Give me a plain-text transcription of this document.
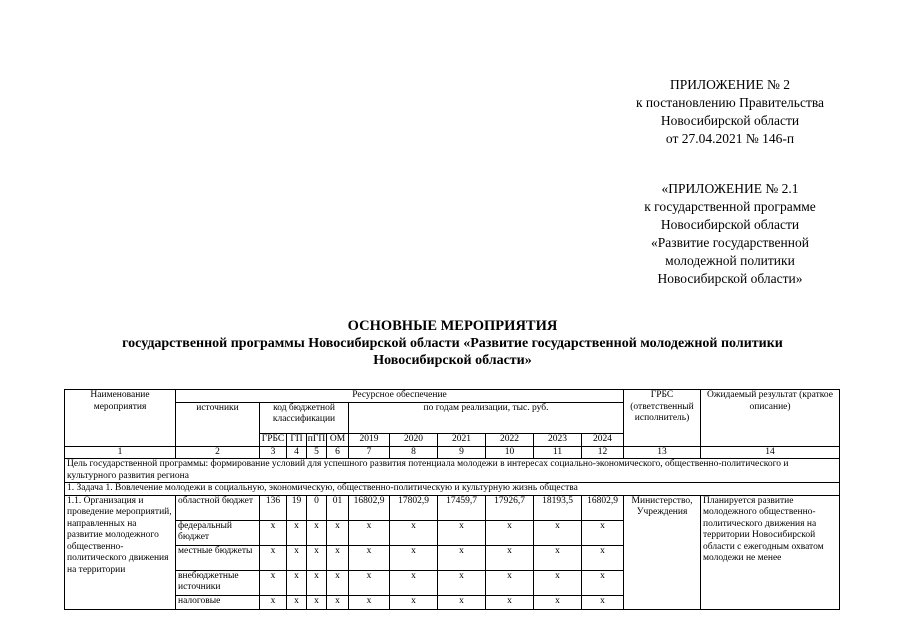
ПРИЛОЖЕНИЕ № 2
к постановлению Правительства
Новосибирской области
от 27.04.2021 № 146-п
«ПРИЛОЖЕНИЕ № 2.1
к государственной программе
Новосибирской области
«Развитие государственной
молодежной политики
Новосибирской области»
ОСНОВНЫЕ МЕРОПРИЯТИЯ
государственной программы Новосибирской области «Развитие государственной молодежной политики
Новосибирской области»
Наименование мероприятия	Ресурсное обеспечение											ГРБС (ответственный исполнитель)	Ожидаемый результат (краткое описание)
	источники	код бюджетной классификации				по годам реализации, тыс. руб.							
		ГРБС	ГП	пГП	ОМ	2019	2020	2021	2022	2023	2024		
1	2	3	4	5	6	7	8	9	10	11	12	13	14
Цель государственной программы: формирование условий для успешного развития потенциала молодежи в интересах социально-экономического, общественно-политического и культурного развития региона													
1. Задача 1. Вовлечение молодежи в социальную, экономическую, общественно-политическую и культурную жизнь общества													
1.1. Организация и проведение мероприятий, направленных на развитие молодежного общественно-политического движения на территории	областной бюджет	136	19	0	01	16802,9	17802,9	17459,7	17926,7	18193,5	16802,9	Министерство, Учреждения	Планируется развитие молодежного общественно-политического движения на территории Новосибирской области с ежегодным охватом молодежи не менее
	федеральный бюджет	x	x	x	x	x	x	x	x	x	x		
	местные бюджеты	x	x	x	x	x	x	x	x	x	x		
	внебюджетные источники	x	x	x	x	x	x	x	x	x	x		
	налоговые	x	x	x	x	x	x	x	x	x	x		
